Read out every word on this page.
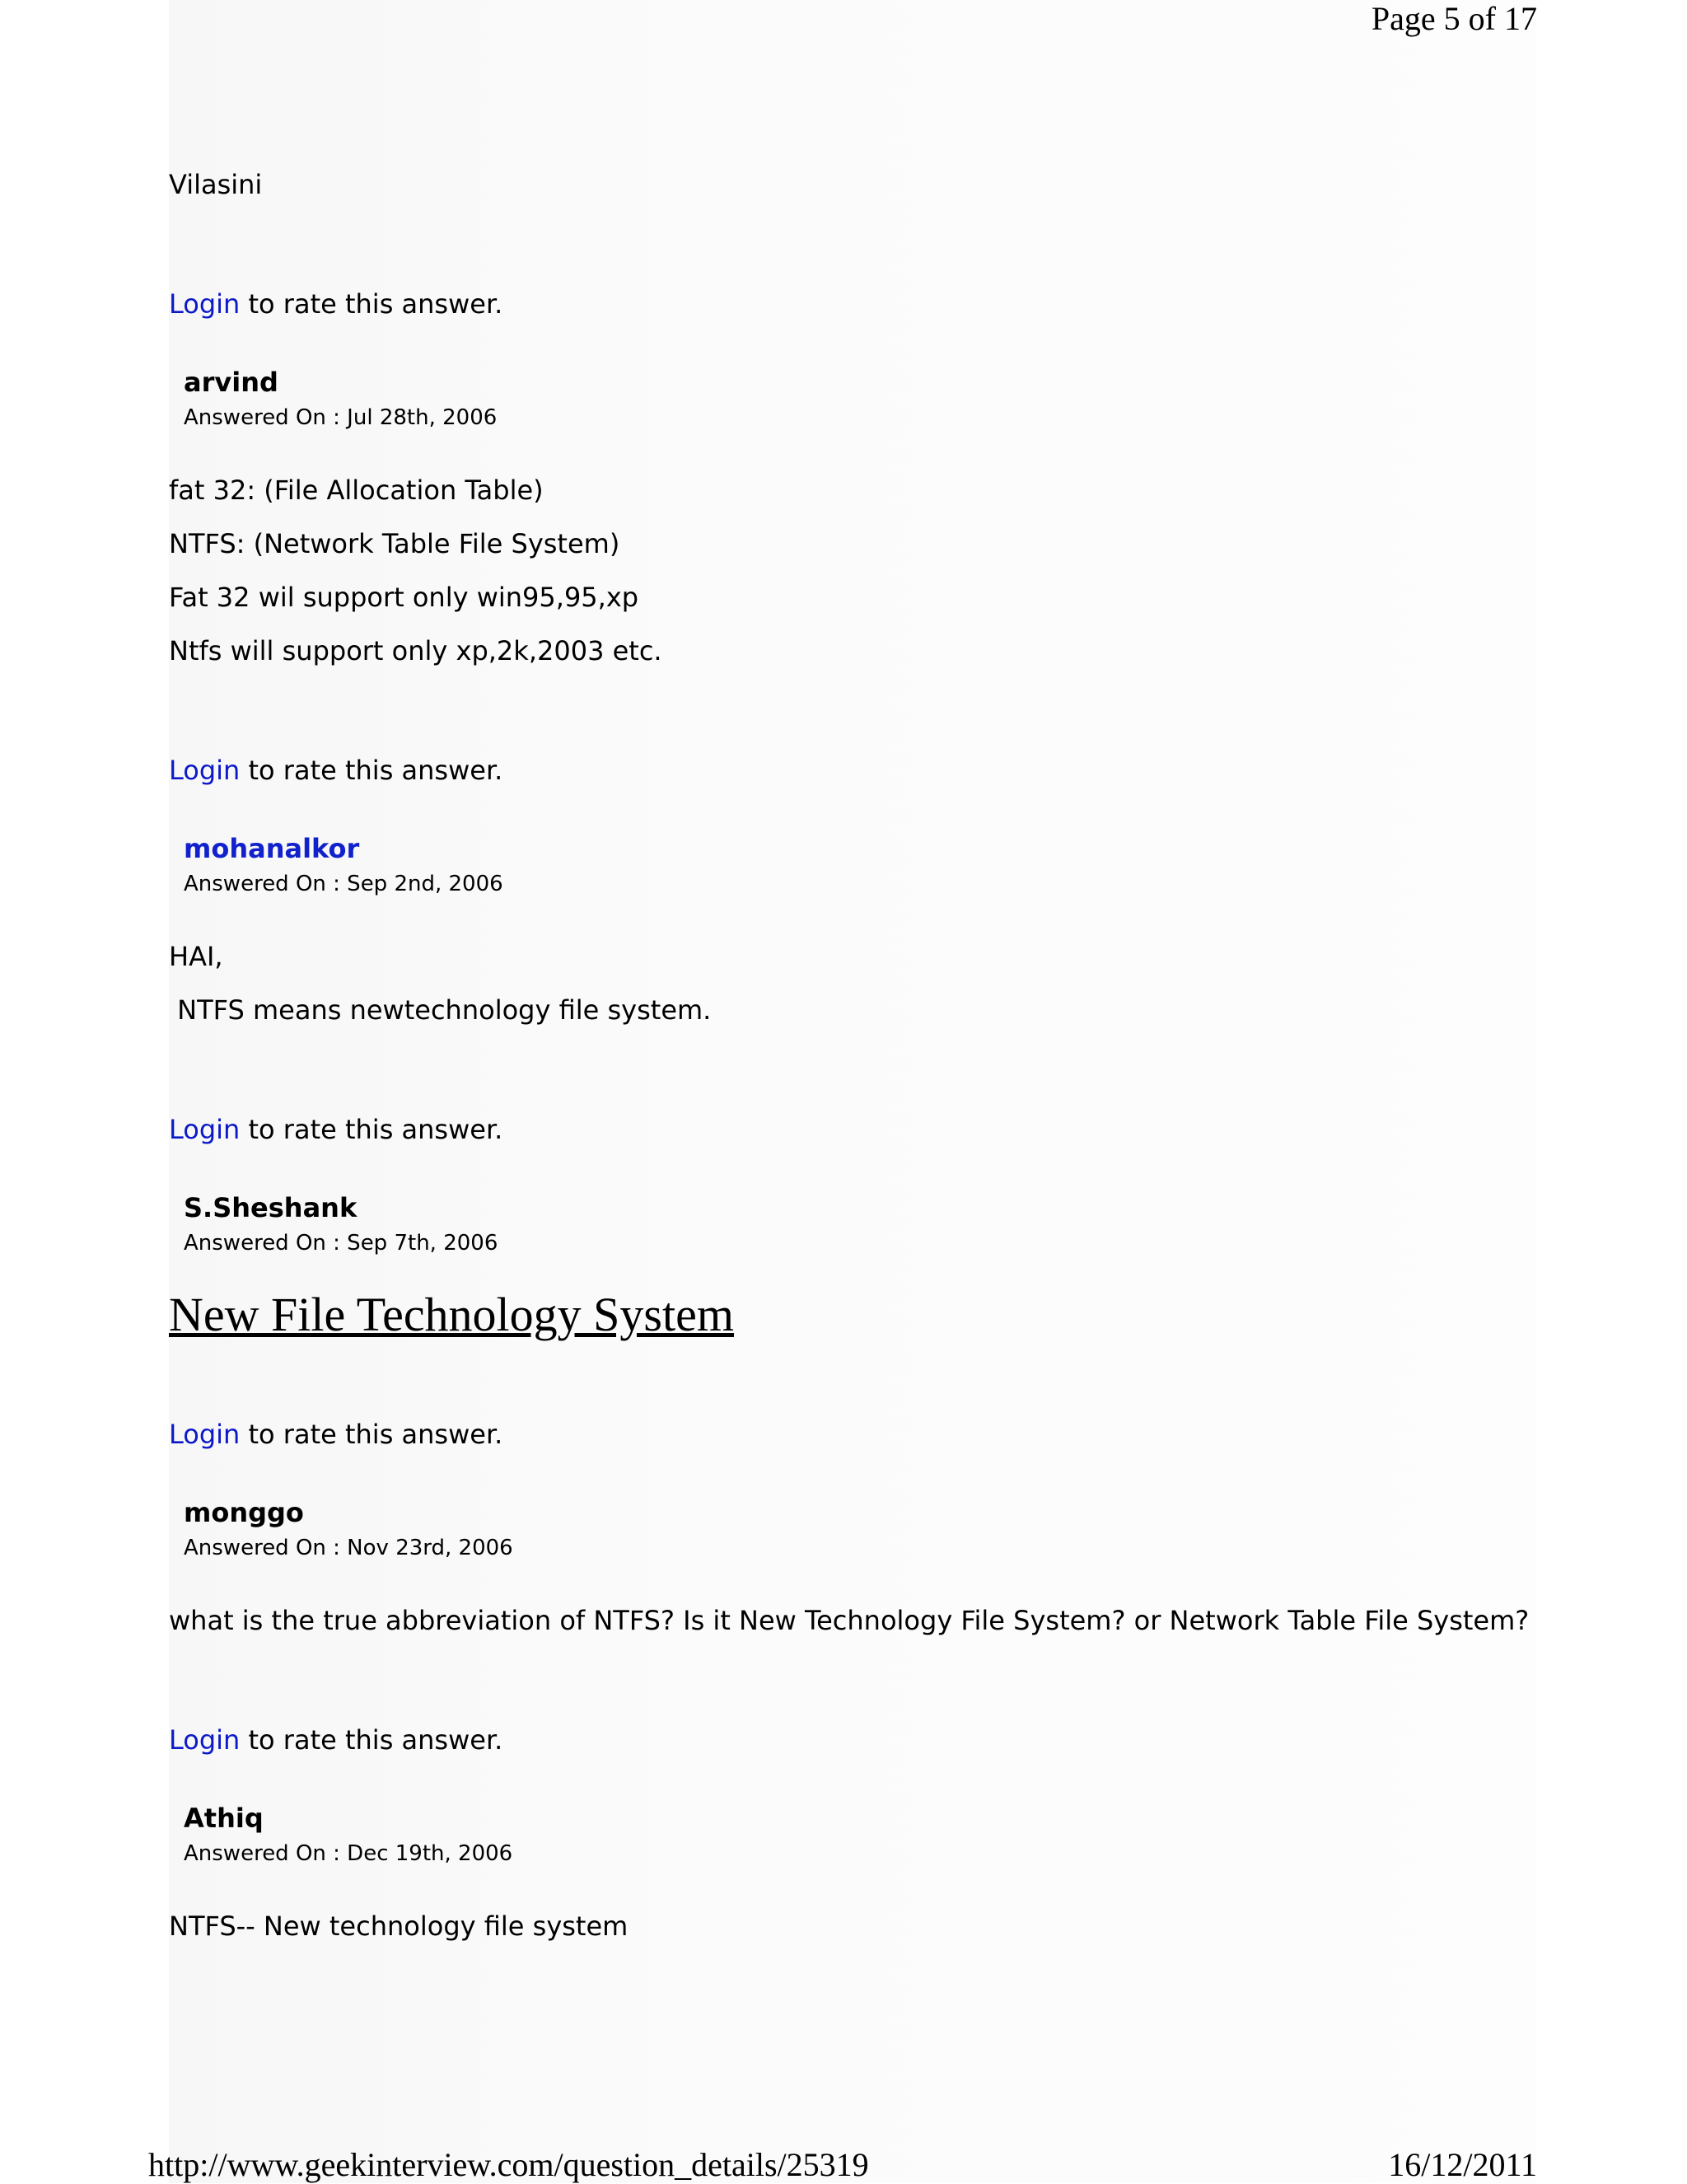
Page 5 of 17
Vilasini
Login to rate this answer.
arvind
Answered On : Jul 28th, 2006
fat 32: (File Allocation Table)
NTFS: (Network Table File System)
Fat 32 wil support only win95,95,xp
Ntfs will support only xp,2k,2003 etc.
Login to rate this answer.
mohanalkor
Answered On : Sep 2nd, 2006
HAI,
NTFS means newtechnology file system.
Login to rate this answer.
S.Sheshank
Answered On : Sep 7th, 2006
New File Technology System
Login to rate this answer.
monggo
Answered On : Nov 23rd, 2006
what is the true abbreviation of NTFS? Is it New Technology File System? or Network Table File System?
Login to rate this answer.
Athiq
Answered On : Dec 19th, 2006
NTFS-- New technology file system
http://www.geekinterview.com/question_details/25319	16/12/2011
